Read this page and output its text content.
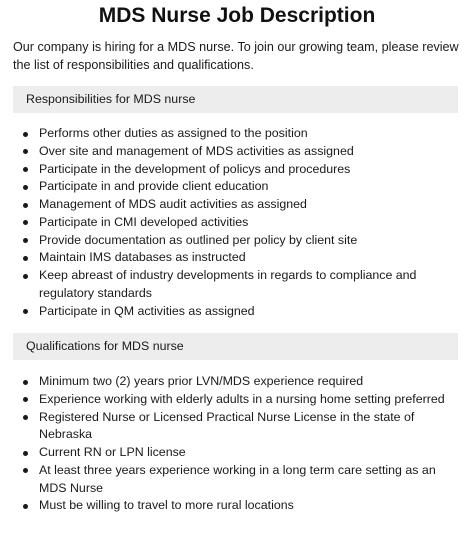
MDS Nurse Job Description

Our company is hiring for a MDS nurse. To join our growing team, please review the list of responsibilities and qualifications.

Responsibilities for MDS nurse
Performs other duties as assigned to the position
Over site and management of MDS activities as assigned
Participate in the development of policys and procedures
Participate in and provide client education
Management of MDS audit activities as assigned
Participate in CMI developed activities
Provide documentation as outlined per policy by client site
Maintain IMS databases as instructed
Keep abreast of industry developments in regards to compliance and regulatory standards
Participate in QM activities as assigned
Qualifications for MDS nurse
Minimum two (2) years prior LVN/MDS experience required
Experience working with elderly adults in a nursing home setting preferred
Registered Nurse or Licensed Practical Nurse License in the state of Nebraska
Current RN or LPN license
At least three years experience working in a long term care setting as an MDS Nurse
Must be willing to travel to more rural locations
